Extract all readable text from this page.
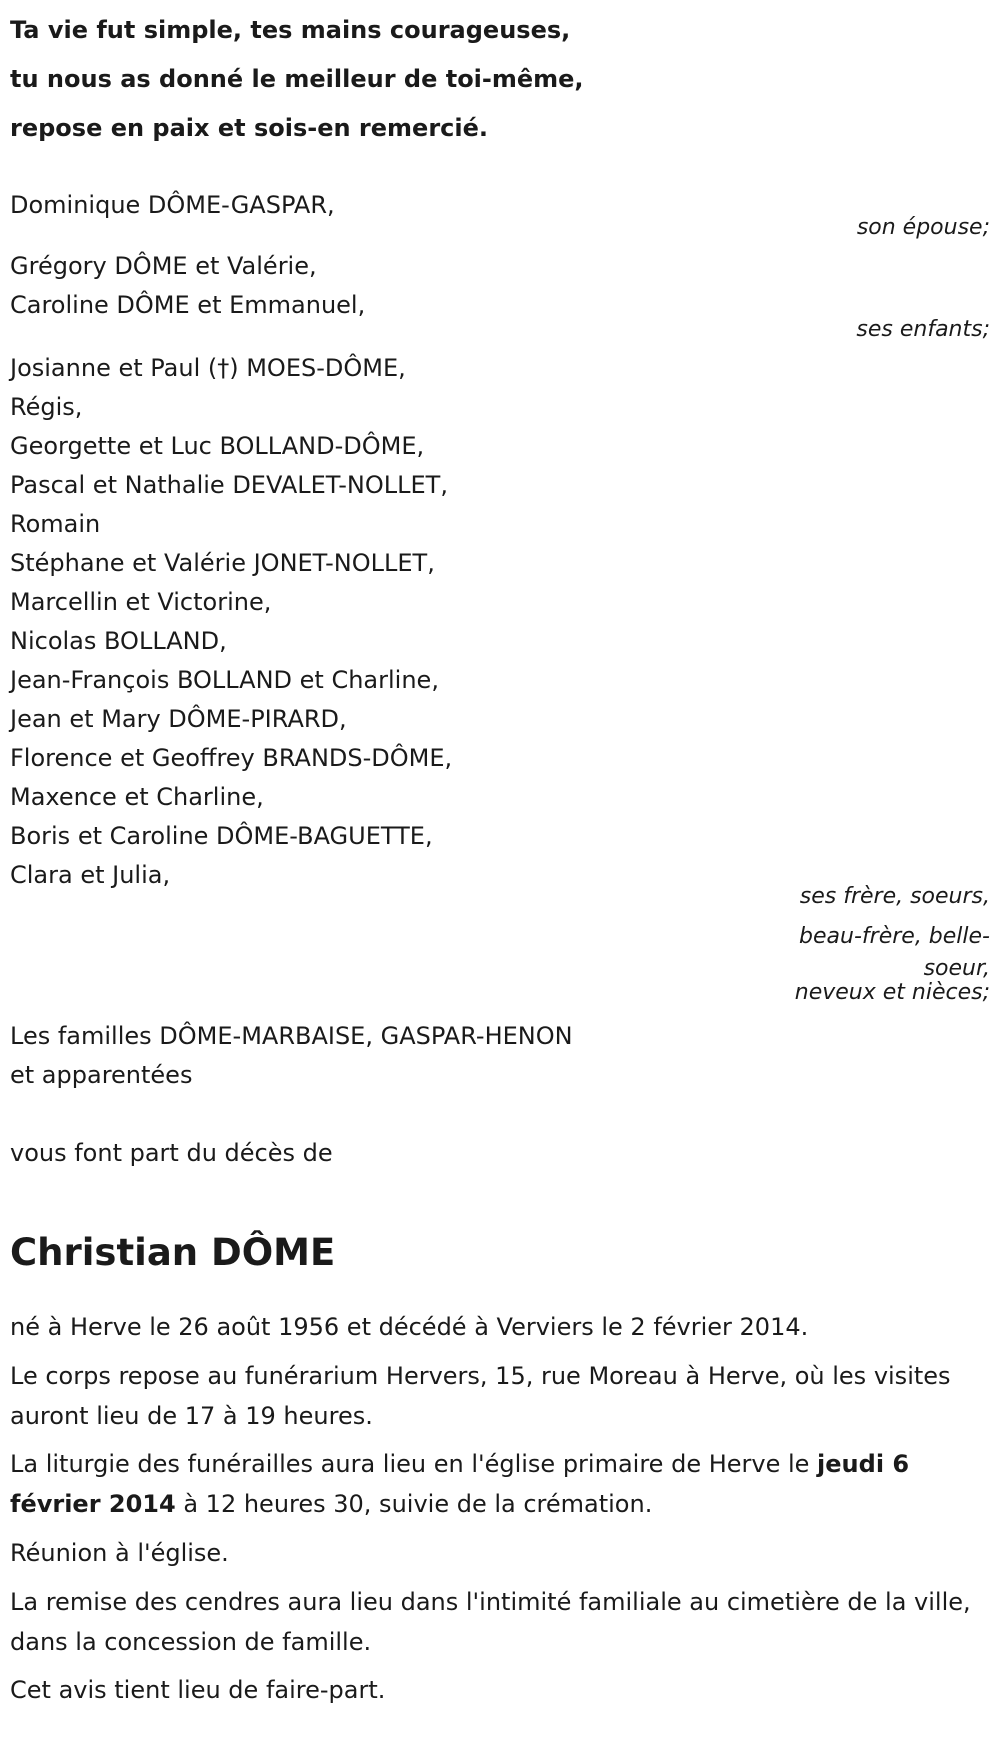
Ta vie fut simple, tes mains courageuses,
tu nous as donné le meilleur de toi-même,
repose en paix et sois-en remercié.
Dominique DÔME-GASPAR,
son épouse;
Grégory DÔME et Valérie,
Caroline DÔME et Emmanuel,
ses enfants;
Josianne et Paul (†) MOES-DÔME,
Régis,
Georgette et Luc BOLLAND-DÔME,
Pascal et Nathalie DEVALET-NOLLET,
Romain
Stéphane et Valérie JONET-NOLLET,
Marcellin et Victorine,
Nicolas BOLLAND,
Jean-François BOLLAND et Charline,
Jean et Mary DÔME-PIRARD,
Florence et Geoffrey BRANDS-DÔME,
Maxence et Charline,
Boris et Caroline DÔME-BAGUETTE,
Clara et Julia,
ses frère, soeurs,
beau-frère, belle-
soeur,
neveux et nièces;
Les familles DÔME-MARBAISE, GASPAR-HENON
et apparentées
vous font part du décès de
Christian DÔME
né à Herve le 26 août 1956 et décédé à Verviers le 2 février 2014.
Le corps repose au funérarium Hervers, 15, rue Moreau à Herve, où les visites auront lieu de 17 à 19 heures.
La liturgie des funérailles aura lieu en l'église primaire de Herve le jeudi 6 février 2014 à 12 heures 30, suivie de la crémation.
Réunion à l'église.
La remise des cendres aura lieu dans l'intimité familiale au cimetière de la ville, dans la concession de famille.
Cet avis tient lieu de faire-part.
